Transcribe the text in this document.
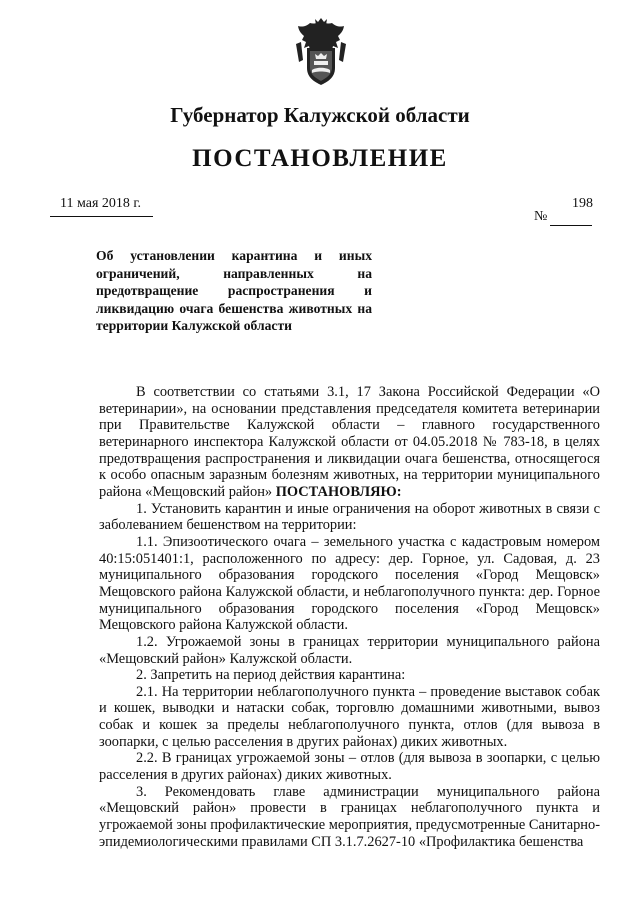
Губернатор Калужской области
ПОСТАНОВЛЕНИЕ
11 мая 2018 г.	198
№
Об установлении карантина и иных ограничений, направленных на предотвращение распространения и ликвидацию очага бешенства животных на территории Калужской области

В соответствии со статьями 3.1, 17 Закона Российской Федерации «О ветеринарии», на основании представления председателя комитета ветеринарии при Правительстве Калужской области – главного государственного ветеринарного инспектора Калужской области от 04.05.2018 № 783-18, в целях предотвращения распространения и ликвидации очага бешенства, относящегося к особо опасным заразным болезням животных, на территории муниципального района «Мещовский район» ПОСТАНОВЛЯЮ:

1. Установить карантин и иные ограничения на оборот животных в связи с заболеванием бешенством на территории:

1.1. Эпизоотического очага – земельного участка с кадастровым номером 40:15:051401:1, расположенного по адресу: дер. Горное, ул. Садовая, д. 23 муниципального образования городского поселения «Город Мещовск» Мещовского района Калужской области, и неблагополучного пункта: дер. Горное муниципального образования городского поселения «Город Мещовск» Мещовского района Калужской области.

1.2. Угрожаемой зоны в границах территории муниципального района «Мещовский район» Калужской области.

2. Запретить на период действия карантина:

2.1. На территории неблагополучного пункта – проведение выставок собак и кошек, выводки и натаски собак, торговлю домашними животными, вывоз собак и кошек за пределы неблагополучного пункта, отлов (для вывоза в зоопарки, с целью расселения в других районах) диких животных.

2.2. В границах угрожаемой зоны – отлов (для вывоза в зоопарки, с целью расселения в других районах) диких животных.

3. Рекомендовать главе администрации муниципального района «Мещовский район» провести в границах неблагополучного пункта и угрожаемой зоны профилактические мероприятия, предусмотренные Санитарно-эпидемиологическими правилами СП 3.1.7.2627-10 «Профилактика бешенства
